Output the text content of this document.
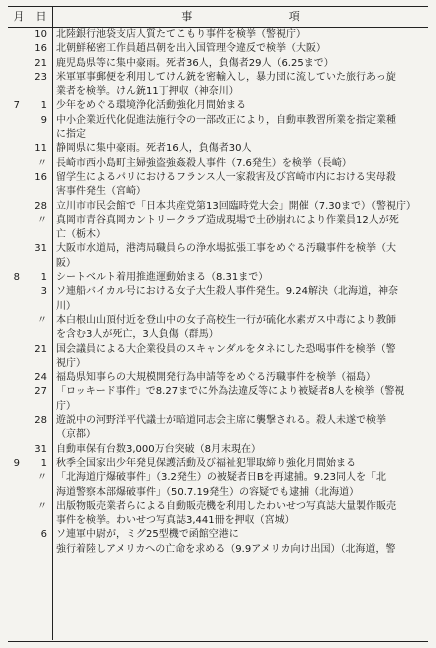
月	日	事	項
10 北陸銀行池袋支店人質たてこもり事件を検挙（警視庁）
16 北朝鮮秘密工作員趙昌朝を出入国管理令違反で検挙（大阪）
21 鹿児島県等に集中豪雨。死者36人，負傷者29人（6.25まで）
23 米軍軍事郵便を利用してけん銃を密輸入し，暴力団に流していた旅行あっ旋
業者を検挙。けん銃11丁押収（神奈川）
7	1 少年をめぐる環境浄化活動強化月間始まる
9 中小企業近代化促進法施行令の一部改正により，自動車教習所業を指定業種
に指定
11 静岡県に集中豪雨。死者16人，負傷者30人
〃 長崎市西小島町主婦強盗強姦殺人事件（7.6発生）を検挙（長崎）
16 留学生によるパリにおけるフランス人一家殺害及び宮崎市内における実母殺
害事件発生（宮崎）
28 立川市市民会館で「日本共産党第13回臨時党大会」開催（7.30まで）（警視庁）
〃 真岡市青谷真岡カントリークラブ造成現場で土砂崩れにより作業員12人が死
亡（栃木）
31 大阪市水道局，港湾局職員らの浄水場拡張工事をめぐる汚職事件を検挙（大
阪）
8	1 シートベルト着用推進運動始まる（8.31まで）
3 ソ連船バイカル号における女子大生殺人事件発生。9.24解決（北海道，神奈
川）
〃 本白根山山頂付近を登山中の女子高校生一行が硫化水素ガス中毒により教師
を含む3人が死亡，3人負傷（群馬）
21 国会議員による大企業役員のスキャンダルをタネにした恐喝事件を検挙（警
視庁）
24 福島県知事らの大規模開発行為申請等をめぐる汚職事件を検挙（福島）
27 「ロッキード事件」で8.27までに外為法違反等により被疑者8人を検挙（警視
庁）
28 遊説中の河野洋平代議士が暗道同志会主席に襲撃される。殺人未遂で検挙
（京都）
31 自動車保有台数3,000万台突破（8月末現在）
9	1 秋季全国家出少年発見保護活動及び福祉犯罪取締り強化月間始まる
〃 「北海道庁爆破事件」（3.2発生）の被疑者日Bを再逮捕。9.23同人を「北
海道警察本部爆破事件」（50.7.19発生）の容疑でも逮捕（北海道）
〃 出版物販売業者らによる自動販売機を利用したわいせつ写真誌大量製作販売
事件を検挙。わいせつ写真誌3,441冊を押収（宮城）
6 ソ連軍中尉が，ミグ25型機で函館空港に
強行着陸しアメリカへの亡命を求める（9.9アメリカ向け出国）（北海道，警
